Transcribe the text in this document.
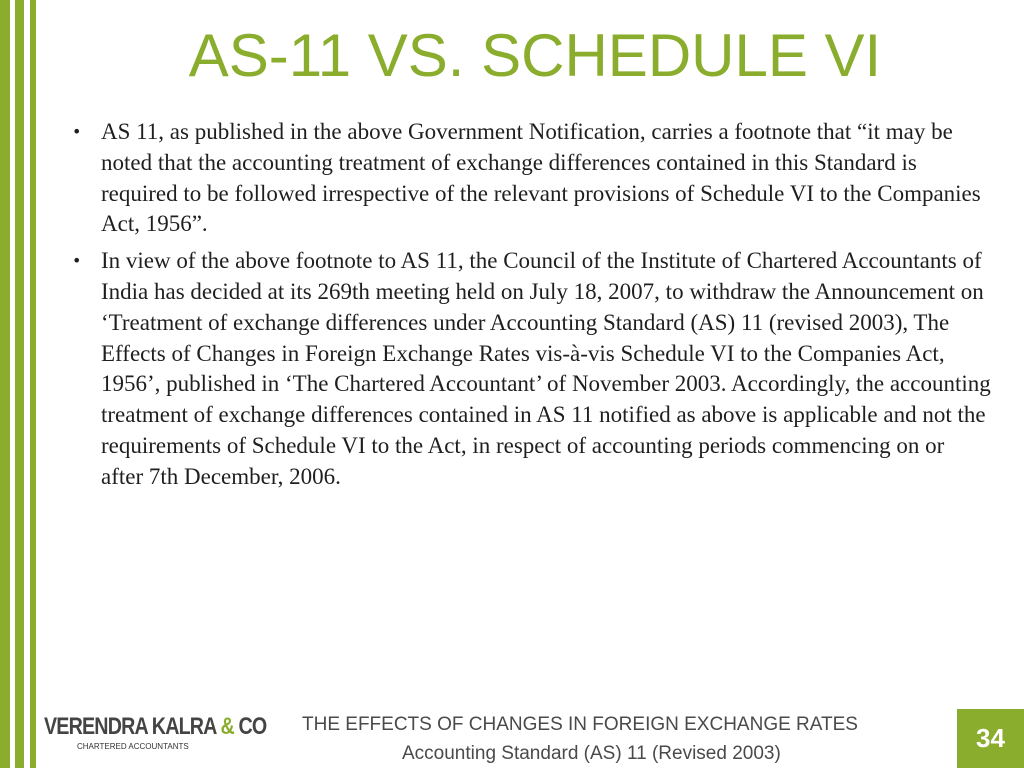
AS-11 VS. SCHEDULE VI
• AS 11, as published in the above Government Notification, carries a footnote that “it may be noted that the accounting treatment of exchange differences contained in this Standard is required to be followed irrespective of the relevant provisions of Schedule VI to the Companies Act, 1956”.
• In view of the above footnote to AS 11, the Council of the Institute of Chartered Accountants of India has decided at its 269th meeting held on July 18, 2007, to withdraw the Announcement on ‘Treatment of exchange differences under Accounting Standard (AS) 11 (revised 2003), The Effects of Changes in Foreign Exchange Rates vis-à-vis Schedule VI to the Companies Act, 1956’, published in ‘The Chartered Accountant’ of November 2003. Accordingly, the accounting treatment of exchange differences contained in AS 11 notified as above is applicable and not the requirements of Schedule VI to the Act, in respect of accounting periods commencing on or after 7th December, 2006.
VERENDRA KALRA & CO
CHARTERED ACCOUNTANTS
THE EFFECTS OF CHANGES IN FOREIGN EXCHANGE RATES
Accounting Standard (AS) 11 (Revised 2003)
34
